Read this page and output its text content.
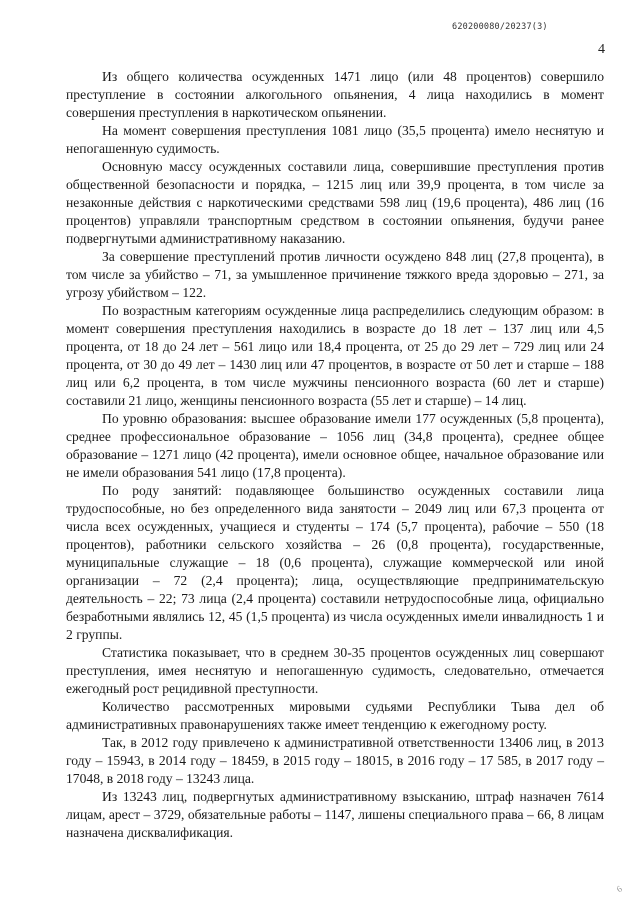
620200080/20237(3)
4

Из общего количества осужденных 1471 лицо (или 48 процентов) совершило преступление в состоянии алкогольного опьянения, 4 лица находились в момент совершения преступления в наркотическом опьянении.

На момент совершения преступления 1081 лицо (35,5 процента) имело неснятую и непогашенную судимость.

Основную массу осужденных составили лица, совершившие преступления против общественной безопасности и порядка, – 1215 лиц или 39,9 процента, в том числе за незаконные действия с наркотическими средствами 598 лиц (19,6 процента), 486 лиц (16 процентов) управляли транспортным средством в состоянии опьянения, будучи ранее подвергнутыми административному наказанию.

За совершение преступлений против личности осуждено 848 лиц (27,8 процента), в том числе за убийство – 71, за умышленное причинение тяжкого вреда здоровью – 271, за угрозу убийством – 122.

По возрастным категориям осужденные лица распределились следующим образом: в момент совершения преступления находились в возрасте до 18 лет – 137 лиц или 4,5 процента, от 18 до 24 лет – 561 лицо или 18,4 процента, от 25 до 29 лет – 729 лиц или 24 процента, от 30 до 49 лет – 1430 лиц или 47 процентов, в возрасте от 50 лет и старше – 188 лиц или 6,2 процента, в том числе мужчины пенсионного возраста (60 лет и старше) составили 21 лицо, женщины пенсионного возраста (55 лет и старше) – 14 лиц.

По уровню образования: высшее образование имели 177 осужденных (5,8 процента), среднее профессиональное образование – 1056 лиц (34,8 процента), среднее общее образование – 1271 лицо (42 процента), имели основное общее, начальное образование или не имели образования 541 лицо (17,8 процента).

По роду занятий: подавляющее большинство осужденных составили лица трудоспособные, но без определенного вида занятости – 2049 лиц или 67,3 процента от числа всех осужденных, учащиеся и студенты – 174 (5,7 процента), рабочие – 550 (18 процентов), работники сельского хозяйства – 26 (0,8 процента), государственные, муниципальные служащие – 18 (0,6 процента), служащие коммерческой или иной организации – 72 (2,4 процента); лица, осуществляющие предпринимательскую деятельность – 22; 73 лица (2,4 процента) составили нетрудоспособные лица, официально безработными являлись 12, 45 (1,5 процента) из числа осужденных имели инвалидность 1 и 2 группы.

Статистика показывает, что в среднем 30-35 процентов осужденных лиц совершают преступления, имея неснятую и непогашенную судимость, следовательно, отмечается ежегодный рост рецидивной преступности.

Количество рассмотренных мировыми судьями Республики Тыва дел об административных правонарушениях также имеет тенденцию к ежегодному росту.

Так, в 2012 году привлечено к административной ответственности 13406 лиц, в 2013 году – 15943, в 2014 году – 18459, в 2015 году – 18015, в 2016 году – 17 585, в 2017 году – 17048, в 2018 году – 13243 лица.

Из 13243 лиц, подвергнутых административному взысканию, штраф назначен 7614 лицам, арест – 3729, обязательные работы – 1147, лишены специального права – 66, 8 лицам назначена дисквалификация.

6
